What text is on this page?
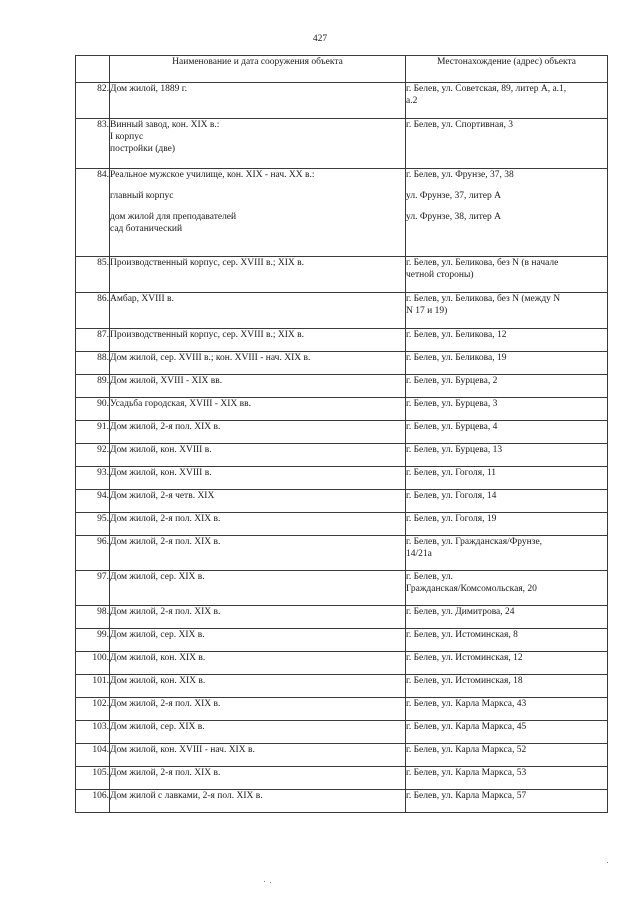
427
	Наименование и дата сооружения объекта	Местонахождение (адрес) объекта
82.	Дом жилой, 1889 г.	г. Белев, ул. Советская, 89, литер А, а.1,
а.2

83.	Винный завод, кон. XIX в.:
I корпус
постройки (две)	г. Белев, ул. Спортивная, 3

84.	Реальное мужское училище, кон. XIX - нач. XX в.:
главный корпус
дом жилой для преподавателей
сад ботанический	г. Белев, ул. Фрунзе, 37, 38
ул. Фрунзе, 37, литер А
ул. Фрунзе, 38, литер А

85.	Производственный корпус, сер. XVIII в.; XIX в.	г. Белев, ул. Беликова, без N (в начале
четной стороны)

86.	Амбар, XVIII в.	г. Белев, ул. Беликова, без N (между N
N 17 и 19)

87.	Производственный корпус, сер. XVIII в.; XIX в.	г. Белев, ул. Беликова, 12

88.	Дом жилой, сер. XVIII в.; кон. XVIII - нач. XIX в.	г. Белев, ул. Беликова, 19

89.	Дом жилой, XVIII - XIX вв.	г. Белев, ул. Бурцева, 2

90.	Усадьба городская, XVIII - XIX вв.	г. Белев, ул. Бурцева, 3

91.	Дом жилой, 2-я пол. XIX в.	г. Белев, ул. Бурцева, 4

92.	Дом жилой, кон. XVIII в.	г. Белев, ул. Бурцева, 13

93.	Дом жилой, кон. XVIII в.	г. Белев, ул. Гоголя, 11

94.	Дом жилой, 2-я четв. XIX	г. Белев, ул. Гоголя, 14

95.	Дом жилой, 2-я пол. XIX в.	г. Белев, ул. Гоголя, 19

96.	Дом жилой, 2-я пол. XIX в.	г. Белев, ул. Гражданская/Фрунзе,
14/21а

97.	Дом жилой, сер. XIX в.	г. Белев, ул.
Гражданская/Комсомольская, 20

98.	Дом жилой, 2-я пол. XIX в.	г. Белев, ул. Димитрова, 24

99.	Дом жилой, сер. XIX в.	г. Белев, ул. Истоминская, 8

100.	Дом жилой, кон. XIX в.	г. Белев, ул. Истоминская, 12

101.	Дом жилой, кон. XIX в.	г. Белев, ул. Истоминская, 18

102.	Дом жилой, 2-я пол. XIX в.	г. Белев, ул. Карла Маркса, 43

103.	Дом жилой, сер. XIX в.	г. Белев, ул. Карла Маркса, 45

104.	Дом жилой, кон. XVIII - нач. XIX в.	г. Белев, ул. Карла Маркса, 52

105.	Дом жилой, 2-я пол. XIX в.	г. Белев, ул. Карла Маркса, 53

106.	Дом жилой с лавками, 2-я пол. XIX в.	г. Белев, ул. Карла Маркса, 57
